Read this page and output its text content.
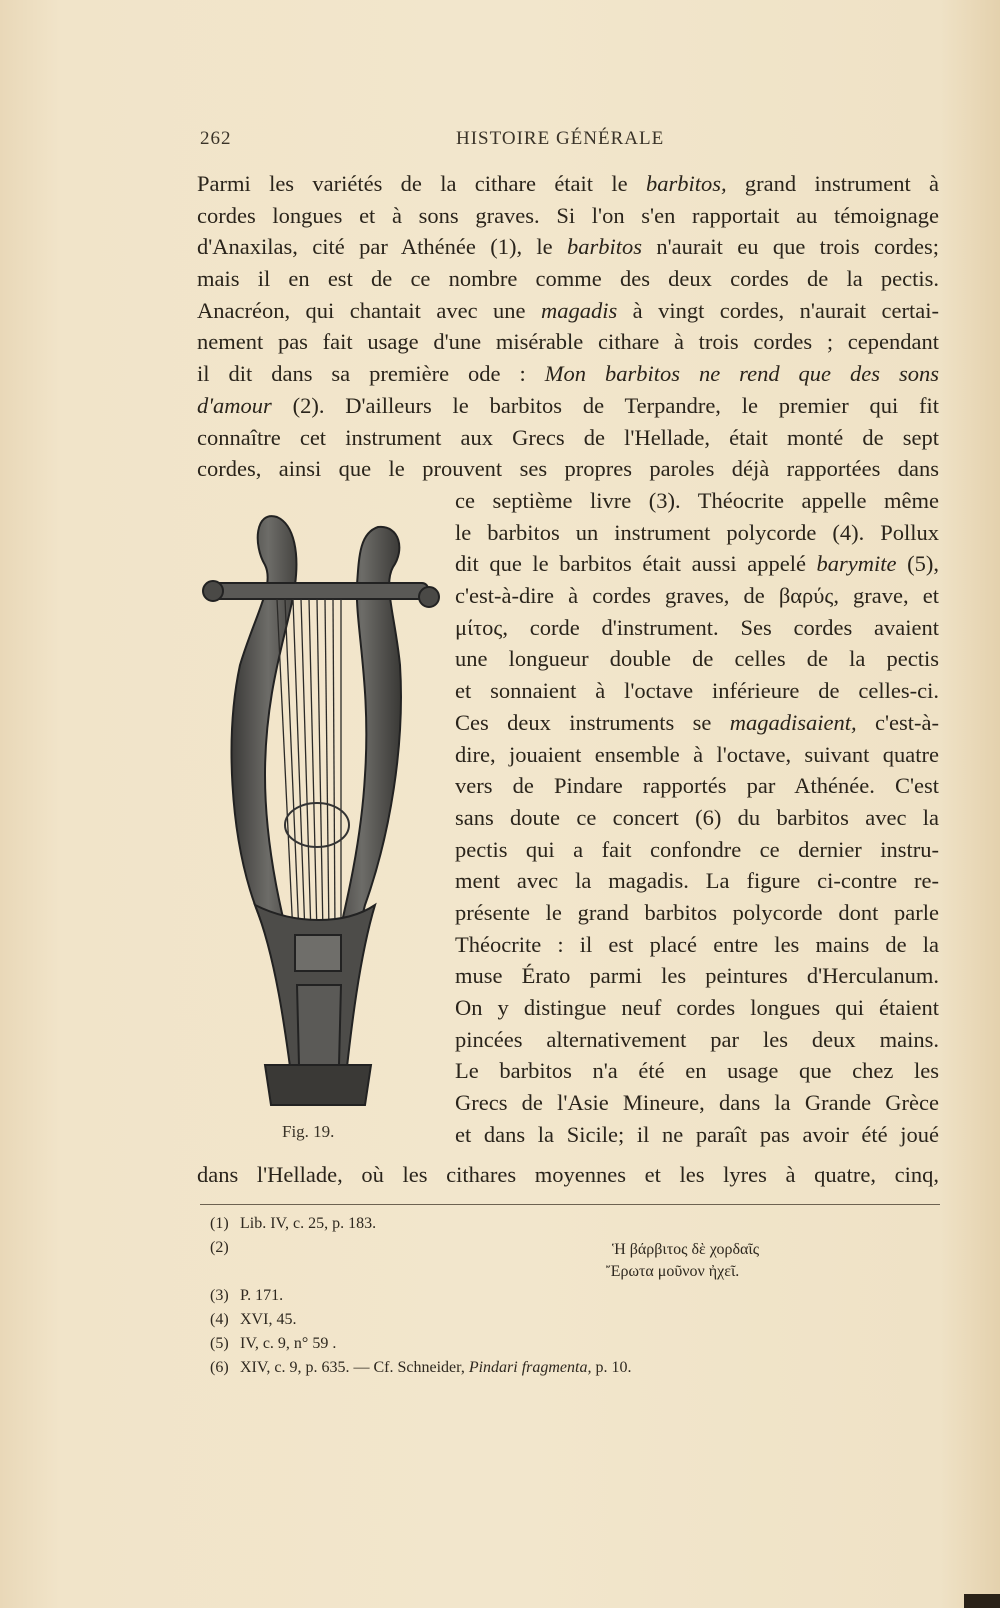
262	HISTOIRE GÉNÉRALE
Parmi les variétés de la cithare était le barbitos, grand instrument à
cordes longues et à sons graves. Si l'on s'en rapportait au témoignage
d'Anaxilas, cité par Athénée (1), le barbitos n'aurait eu que trois cordes;
mais il en est de ce nombre comme des deux cordes de la pectis.
Anacréon, qui chantait avec une magadis à vingt cordes, n'aurait certai-
nement pas fait usage d'une misérable cithare à trois cordes ; cependant
il dit dans sa première ode : Mon barbitos ne rend que des sons
d'amour (2). D'ailleurs le barbitos de Terpandre, le premier qui fit
connaître cet instrument aux Grecs de l'Hellade, était monté de sept
cordes, ainsi que le prouvent ses propres paroles déjà rapportées dans
ce septième livre (3). Théocrite appelle même
le barbitos un instrument polycorde (4). Pollux
dit que le barbitos était aussi appelé barymite (5),
c'est-à-dire à cordes graves, de βαρύς, grave, et
μίτος, corde d'instrument. Ses cordes avaient
une longueur double de celles de la pectis
et sonnaient à l'octave inférieure de celles-ci.
Ces deux instruments se magadisaient, c'est-à-
dire, jouaient ensemble à l'octave, suivant quatre
vers de Pindare rapportés par Athénée. C'est
sans doute ce concert (6) du barbitos avec la
pectis qui a fait confondre ce dernier instru-
ment avec la magadis. La figure ci-contre re-
présente le grand barbitos polycorde dont parle
Théocrite : il est placé entre les mains de la
muse Érato parmi les peintures d'Herculanum.
On y distingue neuf cordes longues qui étaient
pincées alternativement par les deux mains.
Le barbitos n'a été en usage que chez les
Grecs de l'Asie Mineure, dans la Grande Grèce
et dans la Sicile; il ne paraît pas avoir été joué
dans l'Hellade, où les cithares moyennes et les lyres à quatre, cinq,
Fig. 19.
(1) Lib. IV, c. 25, p. 183.
(2)	Ἡ βάρβιτος δὲ χορδαῖς
Ἔρωτα μοῦνον ἠχεῖ.
(3) P. 171.
(4) XVI, 45.
(5) IV, c. 9, n° 59 .
(6) XIV, c. 9, p. 635. — Cf. Schneider, Pindari fragmenta, p. 10.
